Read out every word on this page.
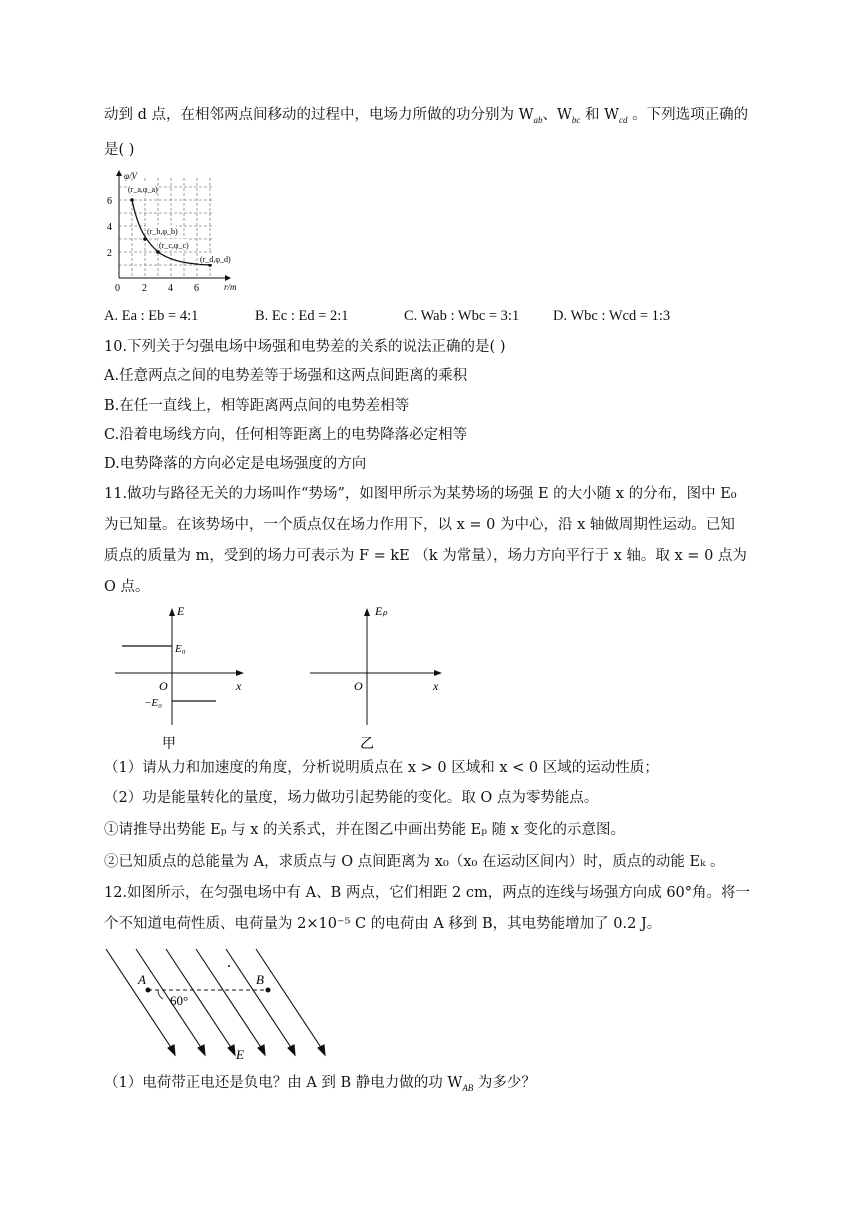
动到 d 点，在相邻两点间移动的过程中，电场力所做的功分别为 $W_{ab}$、$W_{bc}$ 和 $W_{cd}$ 。下列选项正确的
是( )
φ/V
r/m
2
4
6
0 2 4 6
(r_a,φ_a)
(r_b,φ_b)
(r_c,φ_c)
(r_d,φ_d)
A. Ea : Eb = 4:1	B. Ec : Ed = 2:1	C. Wab : Wbc = 3:1 D. Wbc : Wcd = 1:3
10.下列关于匀强电场中场强和电势差的关系的说法正确的是( )
A.任意两点之间的电势差等于场强和这两点间距离的乘积
B.在任一直线上，相等距离两点间的电势差相等
C.沿着电场线方向，任何相等距离上的电势降落必定相等
D.电势降落的方向必定是电场强度的方向
11.做功与路径无关的力场叫作“势场”，如图甲所示为某势场的场强 E 的大小随 x 的分布，图中 E₀
为已知量。在该势场中，一个质点仅在场力作用下，以 x = 0 为中心，沿 x 轴做周期性运动。已知
质点的质量为 m，受到的场力可表示为 F = kE （k 为常量），场力方向平行于 x 轴。取 x = 0 点为
O 点。
E
x
O
E₀
−E₀
甲
Eₚ
x
O
乙
（1）请从力和加速度的角度，分析说明质点在 x > 0 区域和 x < 0 区域的运动性质；
（2）功是能量转化的量度，场力做功引起势能的变化。取 O 点为零势能点。
①请推导出势能 Eₚ 与 x 的关系式，并在图乙中画出势能 Eₚ 随 x 变化的示意图。
②已知质点的总能量为 A，求质点与 O 点间距离为 x₀（x₀ 在运动区间内）时，质点的动能 Eₖ 。
12.如图所示，在匀强电场中有 A、B 两点，它们相距 2 cm，两点的连线与场强方向成 60°角。将一
个不知道电荷性质、电荷量为 2×10⁻⁵ C 的电荷由 A 移到 B，其电势能增加了 0.2 J。
A	B
60°
E
（1）电荷带正电还是负电？由 A 到 B 静电力做的功 $W_{AB}$ 为多少？
